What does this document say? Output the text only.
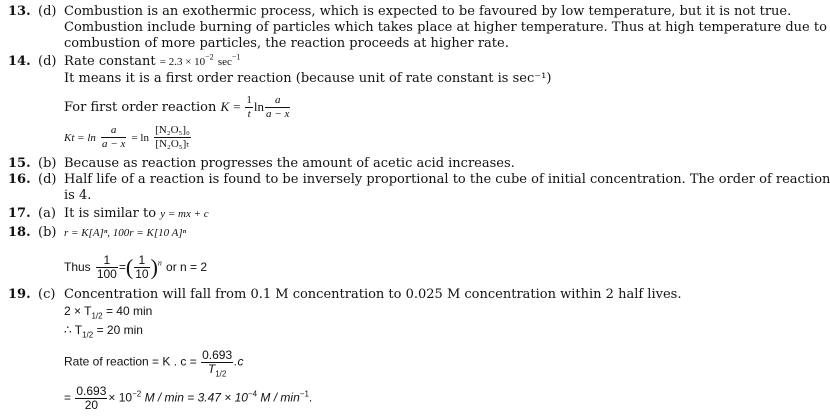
13. (d) Combustion is an exothermic process, which is expected to be favoured by low temperature, but it is not true.
Combustion include burning of particles which takes place at higher temperature. Thus at high temperature due to
combustion of more particles, the reaction proceeds at higher rate.
14. (d) Rate constant = $2.3 \times 10^{-2}$ $\sec^{-1}$
It means it is a first order reaction (because unit of rate constant is sec⁻¹)
For first order reaction $K = \frac{1}{t}$ $\ln \frac{a}{a - x}$
$Kt = \ln \frac{a}{a - x} = \ln \frac{\text{[N₂O₅]₀}}{\text{[N₂O₅]ₜ}}$
15. (b) Because as reaction progresses the amount of acetic acid increases.
16. (d) Half life of a reaction is found to be inversely proportional to the cube of initial concentration. The order of reaction
is 4.
17. (a) It is similar to y = mx + c
18. (b) r = K[A]ⁿ, 100r = K[10 A]ⁿ
Thus $\frac{1}{100}$ =( $\frac{1}{10} )^n$ or n = 2
19. (c) Concentration will fall from 0.1 M concentration to 0.025 M concentration within 2 half lives.
$2 \times T_{1/2} = 40$ min
∴ $T_{1/2} = 20$ min
Rate of reaction = K . $c = \frac{0.693}{T_{1/2}} .c$
= $\frac{0.693}{20} \times 10^{-2}$ $M / \min = 3.47 \times 10^{-4}$ M / $\min^{-1}$.
